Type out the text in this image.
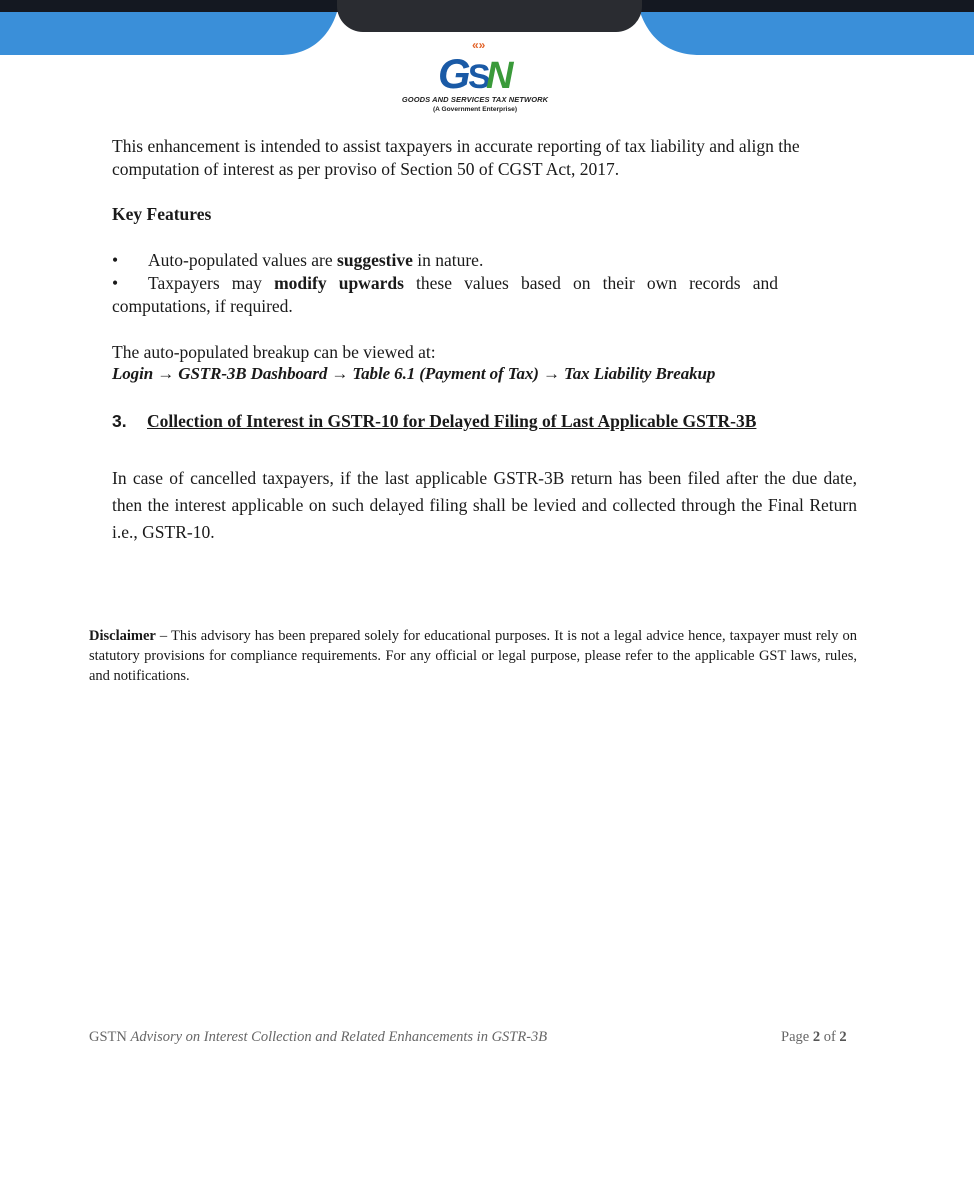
«»
G
S
N
GOODS AND SERVICES TAX NETWORK
(A Government Enterprise)
This enhancement is intended to assist taxpayers in accurate reporting of tax liability and align the computation of interest as per proviso of Section 50 of CGST Act, 2017.
Key Features
• Auto-populated values are suggestive in nature.
• Taxpayers may modify upwards these values based on their own records and
computations, if required.
The auto-populated breakup can be viewed at:
Login → GSTR-3B Dashboard → Table 6.1 (Payment of Tax) → Tax Liability Breakup
3. Collection of Interest in GSTR-10 for Delayed Filing of Last Applicable GSTR-3B
In case of cancelled taxpayers, if the last applicable GSTR-3B return has been filed after the due date, then the interest applicable on such delayed filing shall be levied and collected through the Final Return i.e., GSTR-10.
Disclaimer – This advisory has been prepared solely for educational purposes. It is not a legal advice hence, taxpayer must rely on statutory provisions for compliance requirements. For any official or legal purpose, please refer to the applicable GST laws, rules, and notifications.
GSTN Advisory on Interest Collection and Related Enhancements in GSTR-3B	Page 2 of 2
